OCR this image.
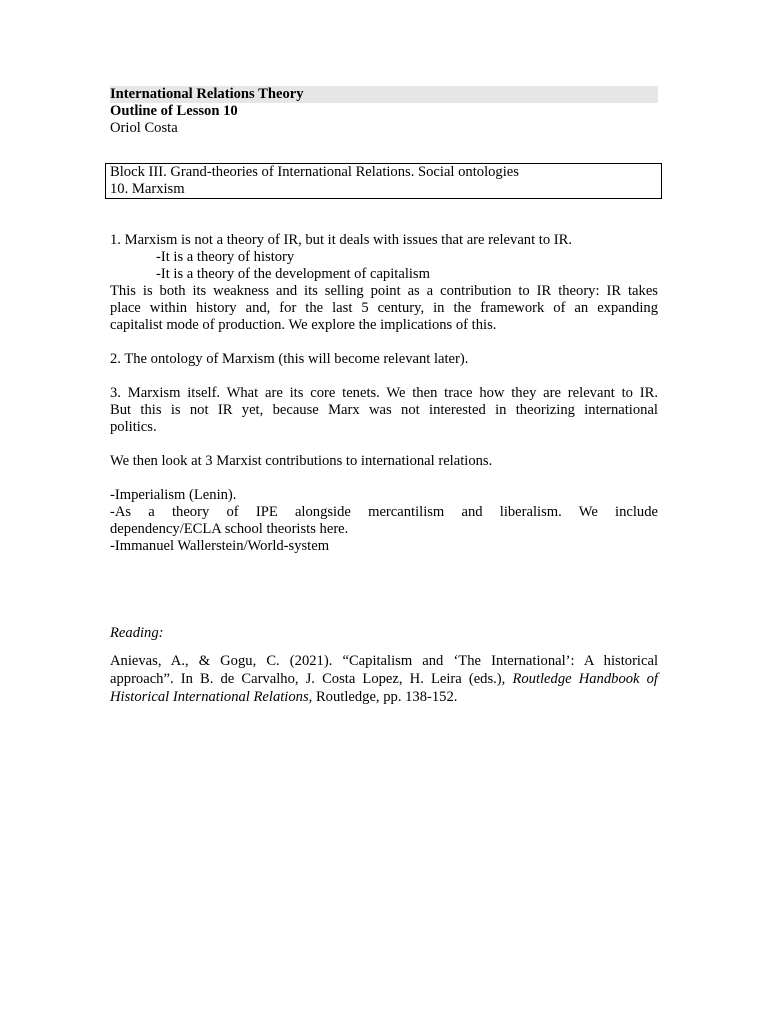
International Relations Theory
Outline of Lesson 10
Oriol Costa
Block III. Grand-theories of International Relations. Social ontologies
10. Marxism
1. Marxism is not a theory of IR, but it deals with issues that are relevant to IR.
-It is a theory of history
-It is a theory of the development of capitalism
This is both its weakness and its selling point as a contribution to IR theory: IR takes
place within history and, for the last 5 century, in the framework of an expanding
capitalist mode of production. We explore the implications of this.
2. The ontology of Marxism (this will become relevant later).
3. Marxism itself. What are its core tenets. We then trace how they are relevant to IR.
But this is not IR yet, because Marx was not interested in theorizing international
politics.
We then look at 3 Marxist contributions to international relations.
-Imperialism (Lenin).
-As a theory of IPE alongside mercantilism and liberalism. We include
dependency/ECLA school theorists here.
-Immanuel Wallerstein/World-system
Reading:
Anievas, A., & Gogu, C. (2021). “Capitalism and ‘The International’: A historical
approach”. In B. de Carvalho, J. Costa Lopez, H. Leira (eds.), Routledge Handbook of
Historical International Relations, Routledge, pp. 138-152.
